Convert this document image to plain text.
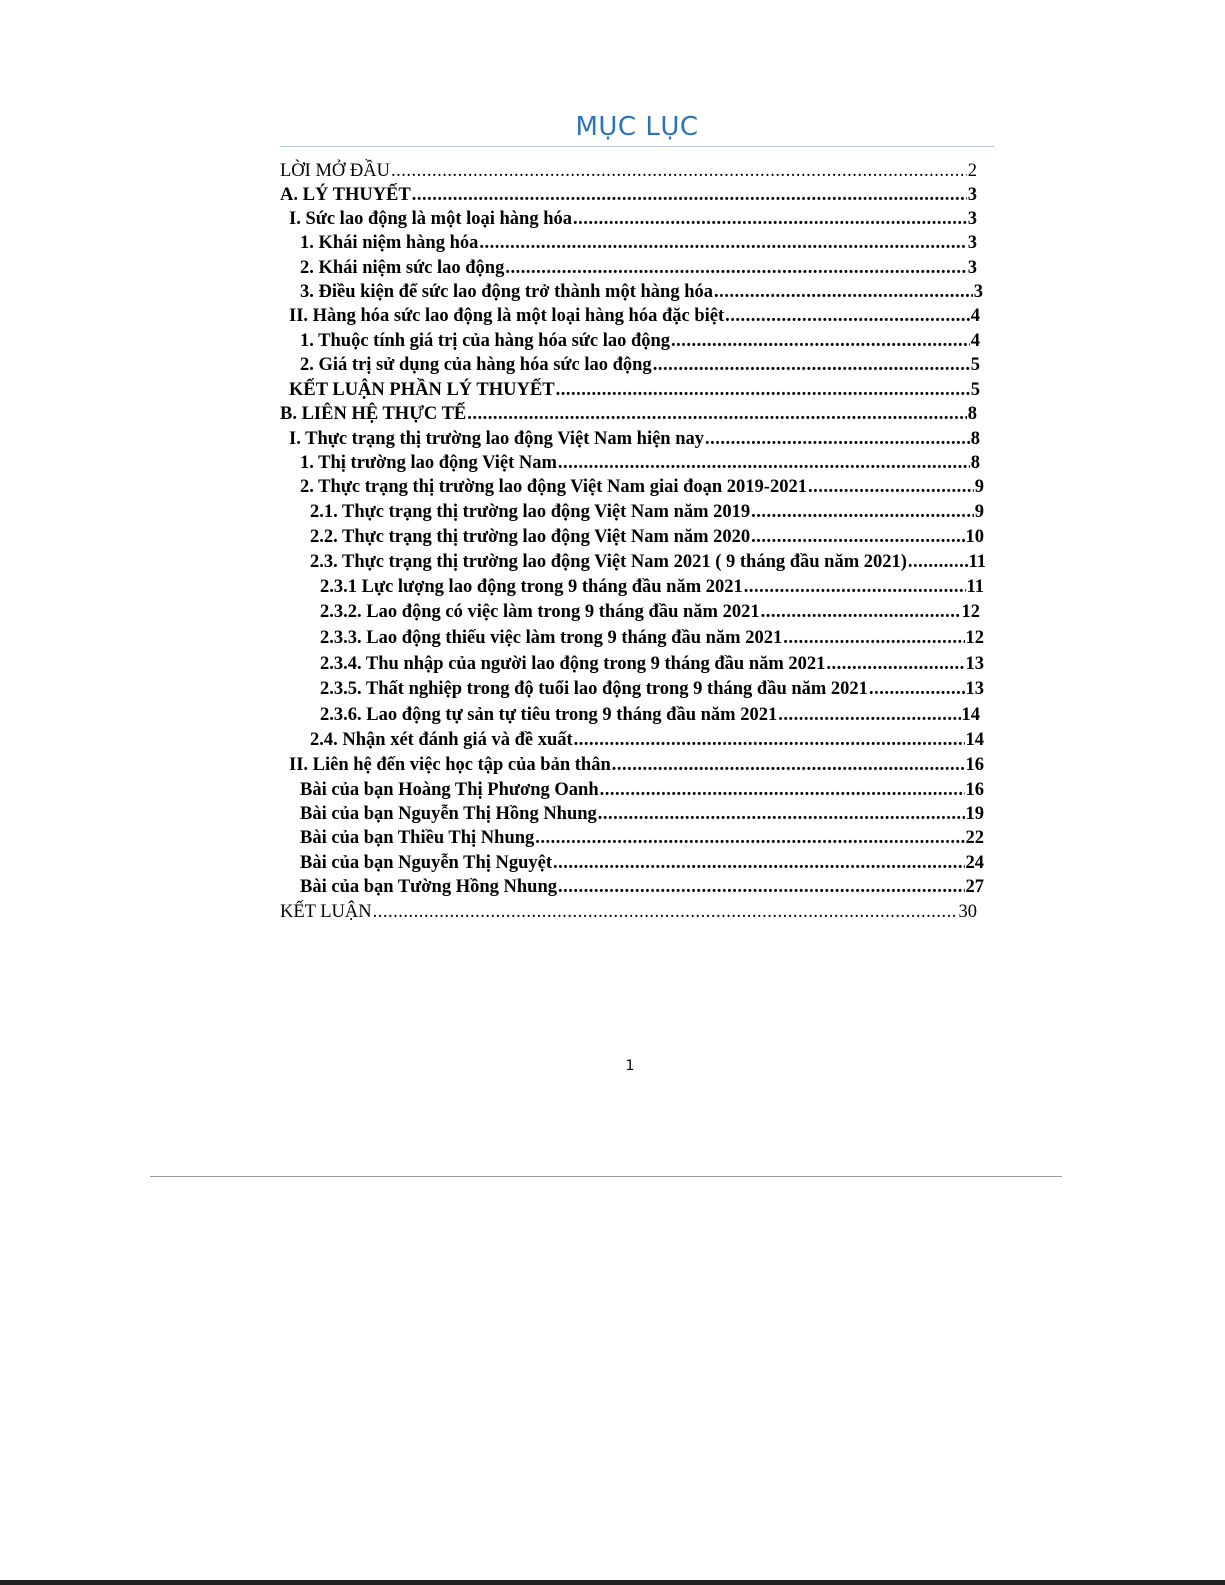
MỤC LỤC
LỜI MỞ ĐẦU .....	2
A. LÝ THUYẾT .....	3
I. Sức lao động là một loại hàng hóa .....	3
1. Khái niệm hàng hóa .....	3
2. Khái niệm sức lao động .....	3
3. Điều kiện để sức lao động trở thành một hàng hóa .....	3
II. Hàng hóa sức lao động là một loại hàng hóa đặc biệt .....	4
1. Thuộc tính giá trị của hàng hóa sức lao động .....	4
2. Giá trị sử dụng của hàng hóa sức lao động .....	5
KẾT LUẬN PHẦN LÝ THUYẾT .....	5
B. LIÊN HỆ THỰC TẾ .....	8
I. Thực trạng thị trường lao động Việt Nam hiện nay .....	8
1. Thị trường lao động Việt Nam .....	8
2. Thực trạng thị trường lao động Việt Nam giai đoạn 2019-2021 .....	9
2.1. Thực trạng thị trường lao động Việt Nam năm 2019 .....	9
2.2. Thực trạng thị trường lao động Việt Nam năm 2020 .....	10
2.3. Thực trạng thị trường lao động Việt Nam 2021 ( 9 tháng đầu năm 2021) .....	11
2.3.1 Lực lượng lao động trong 9 tháng đầu năm 2021 .....	11
2.3.2. Lao động có việc làm trong 9 tháng đầu năm 2021 .....	12
2.3.3. Lao động thiếu việc làm trong 9 tháng đầu năm 2021 .....	12
2.3.4. Thu nhập của người lao động trong 9 tháng đầu năm 2021 .....	13
2.3.5. Thất nghiệp trong độ tuổi lao động trong 9 tháng đầu năm 2021 .....	13
2.3.6. Lao động tự sản tự tiêu trong 9 tháng đầu năm 2021 .....	14
2.4. Nhận xét đánh giá và đề xuất .....	14
II. Liên hệ đến việc học tập của bản thân .....	16
Bài của bạn Hoàng Thị Phương Oanh .....	16
Bài của bạn Nguyễn Thị Hồng Nhung .....	19
Bài của bạn Thiều Thị Nhung .....	22
Bài của bạn Nguyễn Thị Nguyệt .....	24
Bài của bạn Tường Hồng Nhung .....	27
KẾT LUẬN .....	30
1
